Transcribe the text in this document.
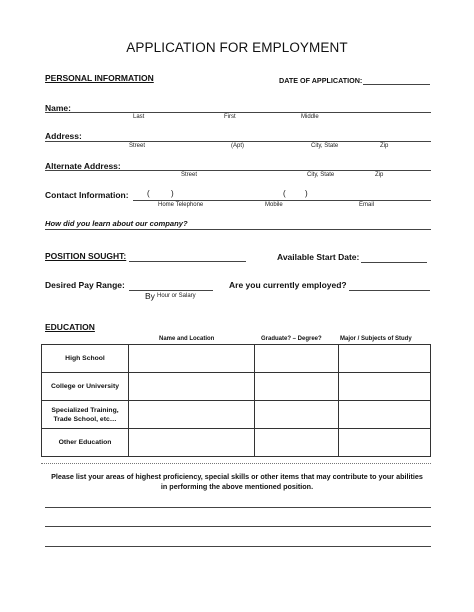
APPLICATION FOR EMPLOYMENT
PERSONAL INFORMATION	DATE OF APPLICATION:
Name:
Last	First	Middle
Address:
Street	(Apt)	City, State	Zip
Alternate Address:
Street	City, State	Zip
Contact Information: (	)	( )
Home Telephone	Mobile	Email
How did you learn about our company?
POSITION SOUGHT:	Available Start Date:
Desired Pay Range:	Are you currently employed?
By Hour or Salary
EDUCATION
Name and Location	Graduate? – Degree?	Major / Subjects of Study
High School			

College or University			

Specialized Training, Trade School, etc…			

Other Education			

Please list your areas of highest proficiency, special skills or other items that may contribute to your abilities in performing the above mentioned position.
